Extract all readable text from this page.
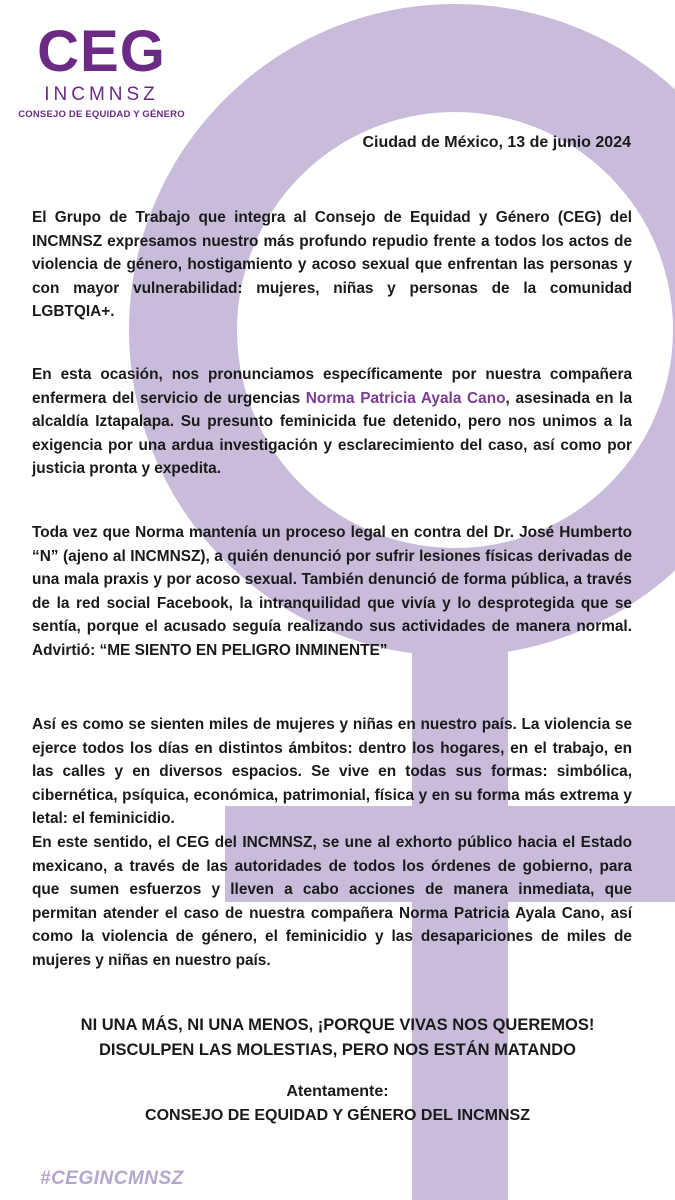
CEG
INCMNSZ
CONSEJO DE EQUIDAD Y GÉNERO
Ciudad de México, 13 de junio 2024
El Grupo de Trabajo que integra al Consejo de Equidad y Género (CEG) del INCMNSZ expresamos nuestro más profundo repudio frente a todos los actos de violencia de género, hostigamiento y acoso sexual que enfrentan las personas y con mayor vulnerabilidad: mujeres, niñas y personas de la comunidad LGBTQIA+.
En esta ocasión, nos pronunciamos específicamente por nuestra compañera enfermera del servicio de urgencias Norma Patricia Ayala Cano, asesinada en la alcaldía Iztapalapa. Su presunto feminicida fue detenido, pero nos unimos a la exigencia por una ardua investigación y esclarecimiento del caso, así como por justicia pronta y expedita.
Toda vez que Norma mantenía un proceso legal en contra del Dr. José Humberto “N” (ajeno al INCMNSZ), a quién denunció por sufrir lesiones físicas derivadas de una mala praxis y por acoso sexual. También denunció de forma pública, a través de la red social Facebook, la intranquilidad que vivía y lo desprotegida que se sentía, porque el acusado seguía realizando sus actividades de manera normal. Advirtió: “ME SIENTO EN PELIGRO INMINENTE”
Así es como se sienten miles de mujeres y niñas en nuestro país. La violencia se ejerce todos los días en distintos ámbitos: dentro los hogares, en el trabajo, en las calles y en diversos espacios. Se vive en todas sus formas: simbólica, cibernética, psíquica, económica, patrimonial, física y en su forma más extrema y letal: el feminicidio.
En este sentido, el CEG del INCMNSZ, se une al exhorto público hacia el Estado mexicano, a través de las autoridades de todos los órdenes de gobierno, para que sumen esfuerzos y lleven a cabo acciones de manera inmediata, que permitan atender el caso de nuestra compañera Norma Patricia Ayala Cano, así como la violencia de género, el feminicidio y las desapariciones de miles de mujeres y niñas en nuestro país.
NI UNA MÁS, NI UNA MENOS, ¡PORQUE VIVAS NOS QUEREMOS!
DISCULPEN LAS MOLESTIAS, PERO NOS ESTÁN MATANDO
Atentamente:
CONSEJO DE EQUIDAD Y GÉNERO DEL INCMNSZ
#CEGINCMNSZ
